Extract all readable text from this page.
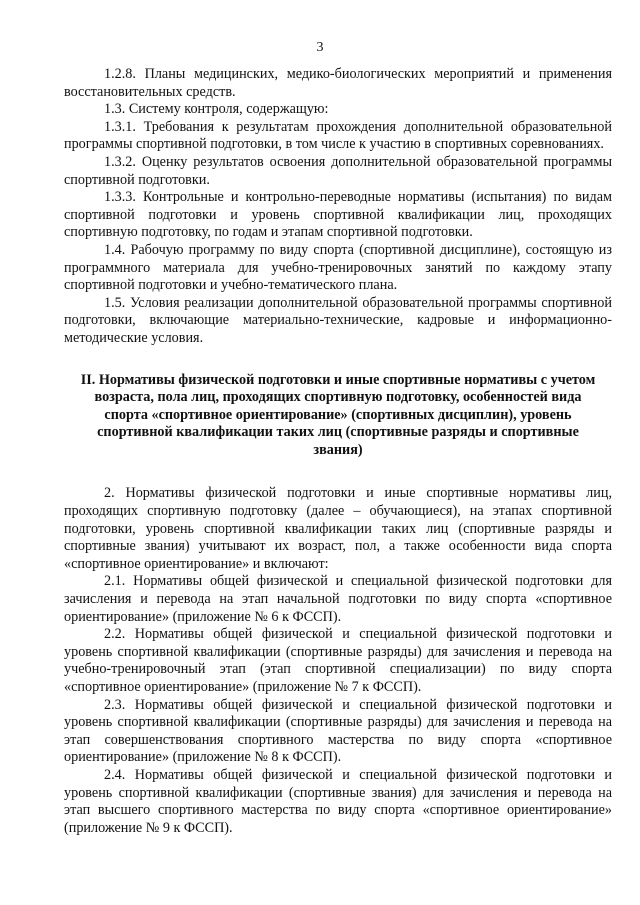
3

1.2.8. Планы медицинских, медико-биологических мероприятий и применения восстановительных средств.

1.3. Систему контроля, содержащую:

1.3.1. Требования к результатам прохождения дополнительной образовательной программы спортивной подготовки, в том числе к участию в спортивных соревнованиях.

1.3.2. Оценку результатов освоения дополнительной образовательной программы спортивной подготовки.

1.3.3. Контрольные и контрольно-переводные нормативы (испытания) по видам спортивной подготовки и уровень спортивной квалификации лиц, проходящих спортивную подготовку, по годам и этапам спортивной подготовки.

1.4. Рабочую программу по виду спорта (спортивной дисциплине), состоящую из программного материала для учебно-тренировочных занятий по каждому этапу спортивной подготовки и учебно-тематического плана.

1.5. Условия реализации дополнительной образовательной программы спортивной подготовки, включающие материально-технические, кадровые и информационно-методические условия.

II. Нормативы физической подготовки и иные спортивные нормативы с учетом возраста, пола лиц, проходящих спортивную подготовку, особенностей вида спорта «спортивное ориентирование» (спортивных дисциплин), уровень спортивной квалификации таких лиц (спортивные разряды и спортивные звания)

2. Нормативы физической подготовки и иные спортивные нормативы лиц, проходящих спортивную подготовку (далее – обучающиеся), на этапах спортивной подготовки, уровень спортивной квалификации таких лиц (спортивные разряды и спортивные звания) учитывают их возраст, пол, а также особенности вида спорта «спортивное ориентирование» и включают:

2.1. Нормативы общей физической и специальной физической подготовки для зачисления и перевода на этап начальной подготовки по виду спорта «спортивное ориентирование» (приложение № 6 к ФССП).

2.2. Нормативы общей физической и специальной физической подготовки и уровень спортивной квалификации (спортивные разряды) для зачисления и перевода на учебно-тренировочный этап (этап спортивной специализации) по виду спорта «спортивное ориентирование» (приложение № 7 к ФССП).

2.3. Нормативы общей физической и специальной физической подготовки и уровень спортивной квалификации (спортивные разряды) для зачисления и перевода на этап совершенствования спортивного мастерства по виду спорта «спортивное ориентирование» (приложение № 8 к ФССП).

2.4. Нормативы общей физической и специальной физической подготовки и уровень спортивной квалификации (спортивные звания) для зачисления и перевода на этап высшего спортивного мастерства по виду спорта «спортивное ориентирование» (приложение № 9 к ФССП).
